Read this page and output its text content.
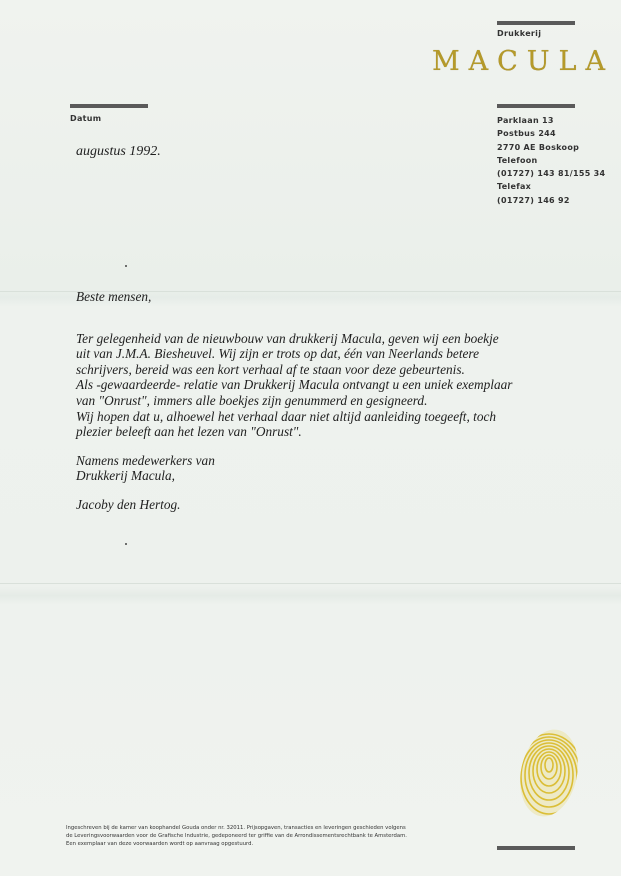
Drukkerij
MACULA
Datum
augustus 1992.
Parklaan 13
Postbus 244
2770 AE Boskoop
Telefoon
(01727) 143 81/155 34
Telefax
(01727) 146 92

Beste mensen,

Ter gelegenheid van de nieuwbouw van drukkerij Macula, geven wij een boekje

uit van J.M.A. Biesheuvel. Wij zijn er trots op dat, één van Neerlands betere

schrijvers, bereid was een kort verhaal af te staan voor deze gebeurtenis.

Als -gewaardeerde- relatie van Drukkerij Macula ontvangt u een uniek exemplaar

van "Onrust", immers alle boekjes zijn genummerd en gesigneerd.

Wij hopen dat u, alhoewel het verhaal daar niet altijd aanleiding toegeeft, toch

plezier beleeft aan het lezen van "Onrust".

Namens medewerkers van

Drukkerij Macula,

Jacoby den Hertog.

Ingeschreven bij de kamer van koophandel Gouda onder nr. 32011. Prijsopgaven, transacties en leveringen geschieden volgens
de Leveringsvoorwaarden voor de Grafische Industrie, gedeponeerd ter griffie van de Arrondissementsrechtbank te Amsterdam.
Een exemplaar van deze voorwaarden wordt op aanvraag opgestuurd.
